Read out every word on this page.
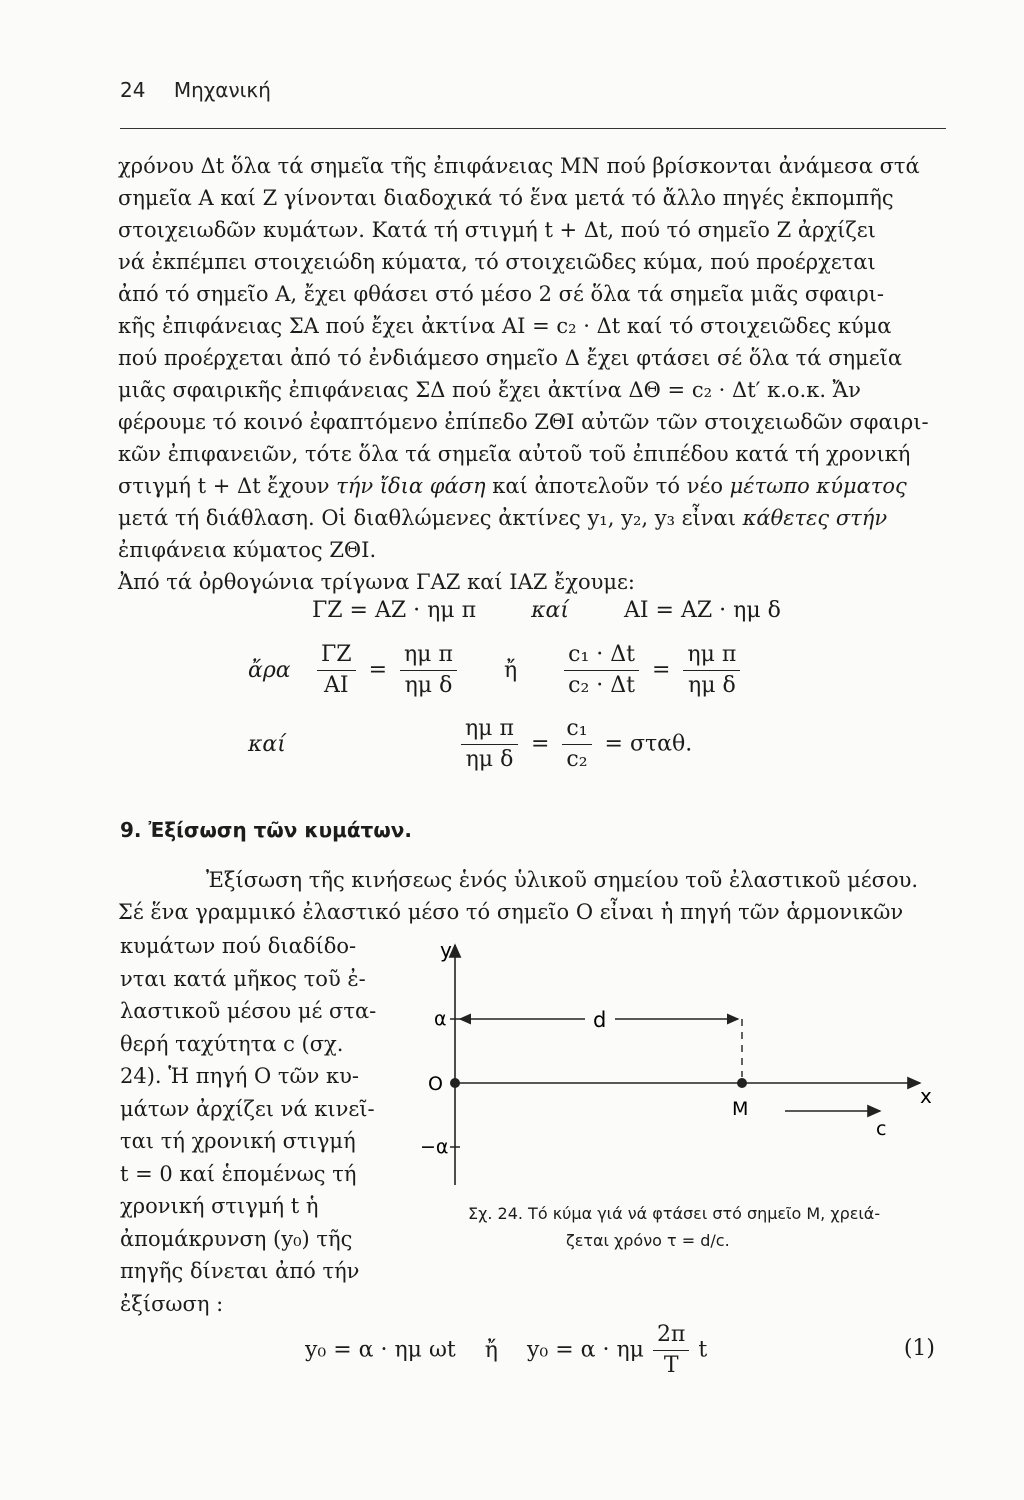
24 Μηχανική
χρόνου Δt ὅλα τά σημεῖα τῆς ἐπιφάνειας ΜΝ πού βρίσκονται ἀνάμεσα στά
σημεῖα Α καί Ζ γίνονται διαδοχικά τό ἕνα μετά τό ἄλλο πηγές ἐκπομπῆς
στοιχειωδῶν κυμάτων. Κατά τή στιγμή t + Δt, πού τό σημεῖο Ζ ἀρχίζει
νά ἐκπέμπει στοιχειώδη κύματα, τό στοιχειῶδες κύμα, πού προέρχεται
ἀπό τό σημεῖο Α, ἔχει φθάσει στό μέσο 2 σέ ὅλα τά σημεῖα μιᾶς σφαιρι-
κῆς ἐπιφάνειας ΣΑ πού ἔχει ἀκτίνα ΑΙ = c₂ · Δt καί τό στοιχειῶδες κύμα
πού προέρχεται ἀπό τό ἐνδιάμεσο σημεῖο Δ ἔχει φτάσει σέ ὅλα τά σημεῖα
μιᾶς σφαιρικῆς ἐπιφάνειας ΣΔ πού ἔχει ἀκτίνα ΔΘ = c₂ · Δt′ κ.ο.κ. Ἄν
φέρουμε τό κοινό ἐφαπτόμενο ἐπίπεδο ΖΘΙ αὐτῶν τῶν στοιχειωδῶν σφαιρι-
κῶν ἐπιφανειῶν, τότε ὅλα τά σημεῖα αὐτοῦ τοῦ ἐπιπέδου κατά τή χρονική
στιγμή t + Δt ἔχουν τήν ἴδια φάση καί ἀποτελοῦν τό νέο μέτωπο κύματος
μετά τή διάθλαση. Οἱ διαθλώμενες ἀκτίνες y₁, y₂, y₃ εἶναι κάθετες στήν
ἐπιφάνεια κύματος ΖΘΙ.
Ἀπό τά ὀρθογώνια τρίγωνα ΓΑΖ καί ΙΑΖ ἔχουμε:
ΓΖ = ΑΖ · ημ π	καί	ΑΙ = ΑΖ · ημ δ
ἄρα $\frac{\Gamma Z}{AI} = \frac{\text{ημ π}}{\text{ημ δ}}$ ἤ $\frac{\text{c₁ · Δt}}{\text{c₂ · Δt}} = \frac{\text{ημ π}}{\text{ημ δ}}$
καί	$\frac{\text{ημ π}}{\text{ημ δ}} = \frac{\text{c₁}}{\text{c₂}} = \sigma\tau\alpha\theta$.
9. Ἐξίσωση τῶν κυμάτων.
Ἐξίσωση τῆς κινήσεως ἑνός ὑλικοῦ σημείου τοῦ ἐλαστικοῦ μέσου.
Σέ ἕνα γραμμικό ἐλαστικό μέσο τό σημεῖο Ο εἶναι ἡ πηγή τῶν ἁρμονικῶν
κυμάτων πού διαδίδο-
νται κατά μῆκος τοῦ ἐ-
λαστικοῦ μέσου μέ στα-
θερή ταχύτητα c (σχ.
24). Ἡ πηγή Ο τῶν κυ-
μάτων ἀρχίζει νά κινεῖ-
ται τή χρονική στιγμή
t = 0 καί ἑπομένως τή
χρονική στιγμή t ἡ
ἀπομάκρυνση (y₀) τῆς
πηγῆς δίνεται ἀπό τήν
ἐξίσωση :
y
x
α
−α
O
d
M
c
Σχ. 24. Τό κύμα γιά νά φτάσει στό σημεῖο Μ, χρειά-
ζεται χρόνο τ = d/c.
y₀ = α · ημ ωt ἤ y₀ = α · ημ $\frac{2\pi}{T}$ t	(1)
